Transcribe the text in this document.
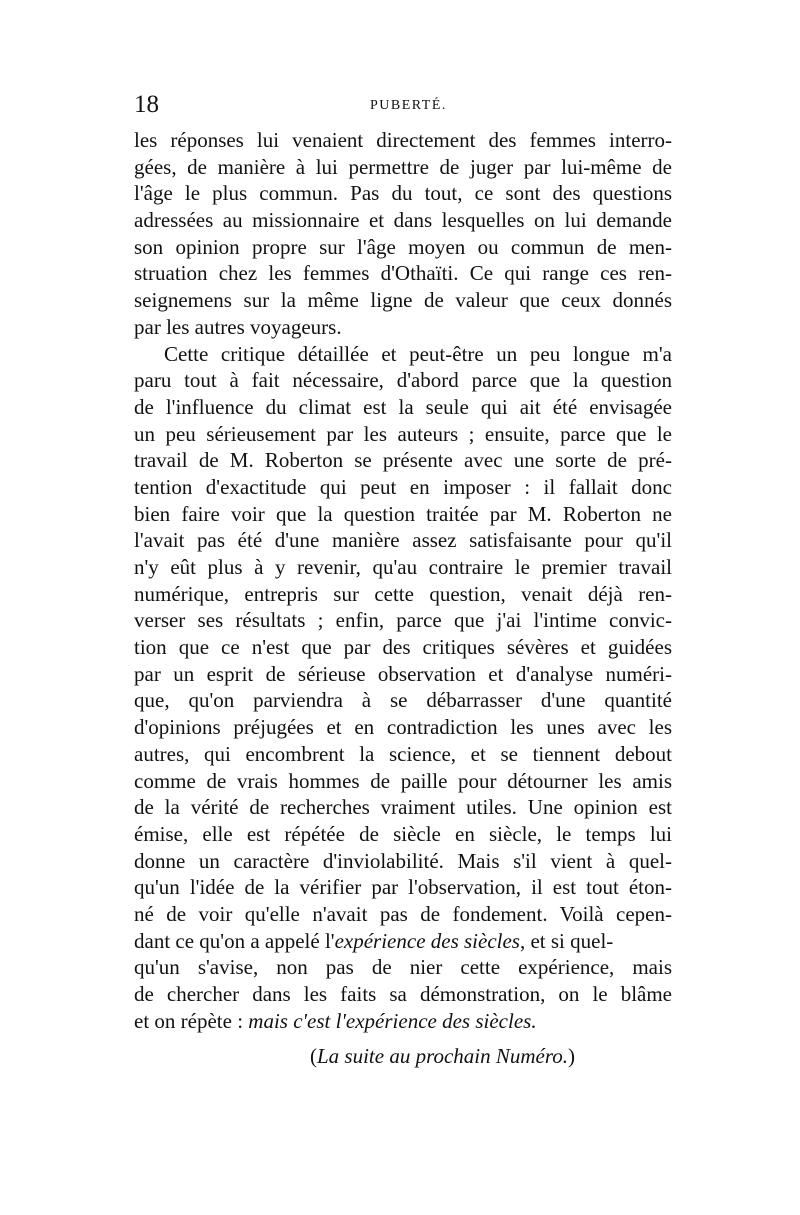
18	PUBERTÉ.
les réponses lui venaient directement des femmes interro-
gées, de manière à lui permettre de juger par lui-même de
l'âge le plus commun. Pas du tout, ce sont des questions
adressées au missionnaire et dans lesquelles on lui demande
son opinion propre sur l'âge moyen ou commun de men-
struation chez les femmes d'Othaïti. Ce qui range ces ren-
seignemens sur la même ligne de valeur que ceux donnés
par les autres voyageurs.
Cette critique détaillée et peut-être un peu longue m'a
paru tout à fait nécessaire, d'abord parce que la question
de l'influence du climat est la seule qui ait été envisagée
un peu sérieusement par les auteurs ; ensuite, parce que le
travail de M. Roberton se présente avec une sorte de pré-
tention d'exactitude qui peut en imposer : il fallait donc
bien faire voir que la question traitée par M. Roberton ne
l'avait pas été d'une manière assez satisfaisante pour qu'il
n'y eût plus à y revenir, qu'au contraire le premier travail
numérique, entrepris sur cette question, venait déjà ren-
verser ses résultats ; enfin, parce que j'ai l'intime convic-
tion que ce n'est que par des critiques sévères et guidées
par un esprit de sérieuse observation et d'analyse numéri-
que, qu'on parviendra à se débarrasser d'une quantité
d'opinions préjugées et en contradiction les unes avec les
autres, qui encombrent la science, et se tiennent debout
comme de vrais hommes de paille pour détourner les amis
de la vérité de recherches vraiment utiles. Une opinion est
émise, elle est répétée de siècle en siècle, le temps lui
donne un caractère d'inviolabilité. Mais s'il vient à quel-
qu'un l'idée de la vérifier par l'observation, il est tout éton-
né de voir qu'elle n'avait pas de fondement. Voilà cepen-
dant ce qu'on a appelé l'expérience des siècles, et si quel-
qu'un s'avise, non pas de nier cette expérience, mais
de chercher dans les faits sa démonstration, on le blâme
et on répète : mais c'est l'expérience des siècles.
(La suite au prochain Numéro.)
